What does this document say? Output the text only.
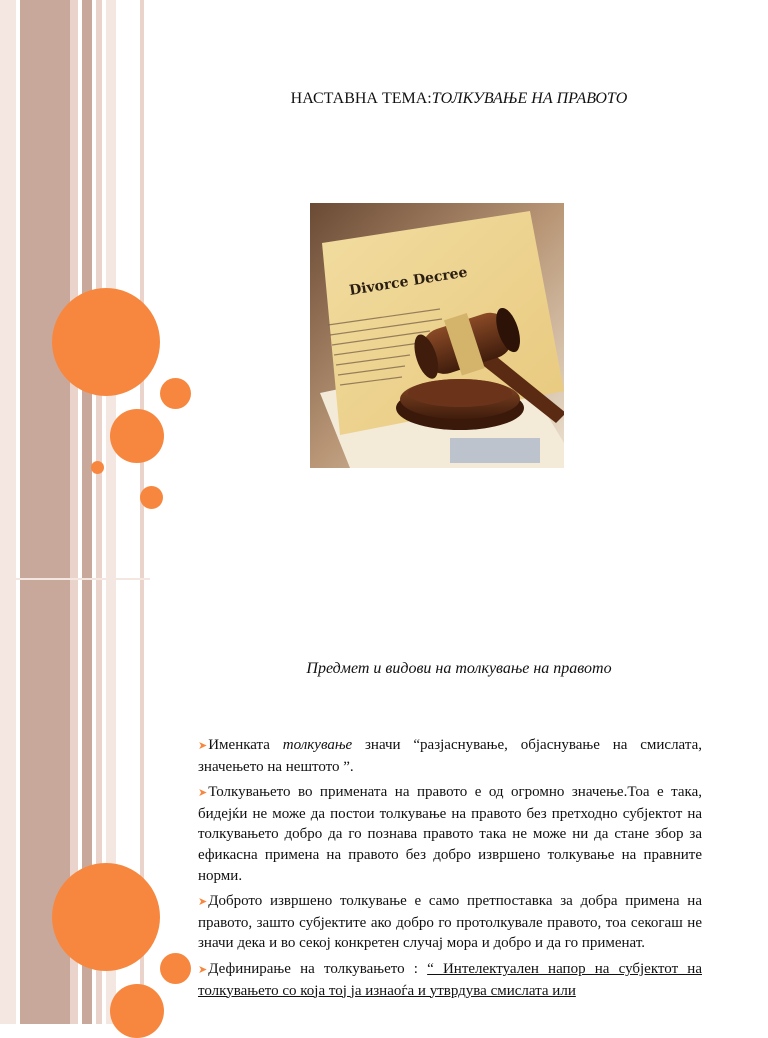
НАСТАВНА ТЕМА:ТОЛКУВАЊЕ НА ПРАВОТО
Divorce Decree
Предмет и видови на толкување на правото

➤Именката толкување значи “разјаснување, објаснување на смислата, значењето на нештото ”.

➤Толкувањето во примената на правото е од огромно значење.Тоа е така, бидејќи не може да постои толкување на правото без претходно субјектот на толкувањето добро да го познава правото така не може ни да стане збор за ефикасна примена на правото без добро извршено толкување на правните норми.

➤Доброто извршено толкување е само претпоставка за добра примена на правото, зашто субјектите ако добро го протолкувале правото, тоа секогаш не значи дека и во секој конкретен случај мора и добро и да го применат.

➤Дефинирање на толкувањето : “ Интелектуален напор на субјектот на толкувањето со која тој ја изнаоѓа и утврдува смислата или
